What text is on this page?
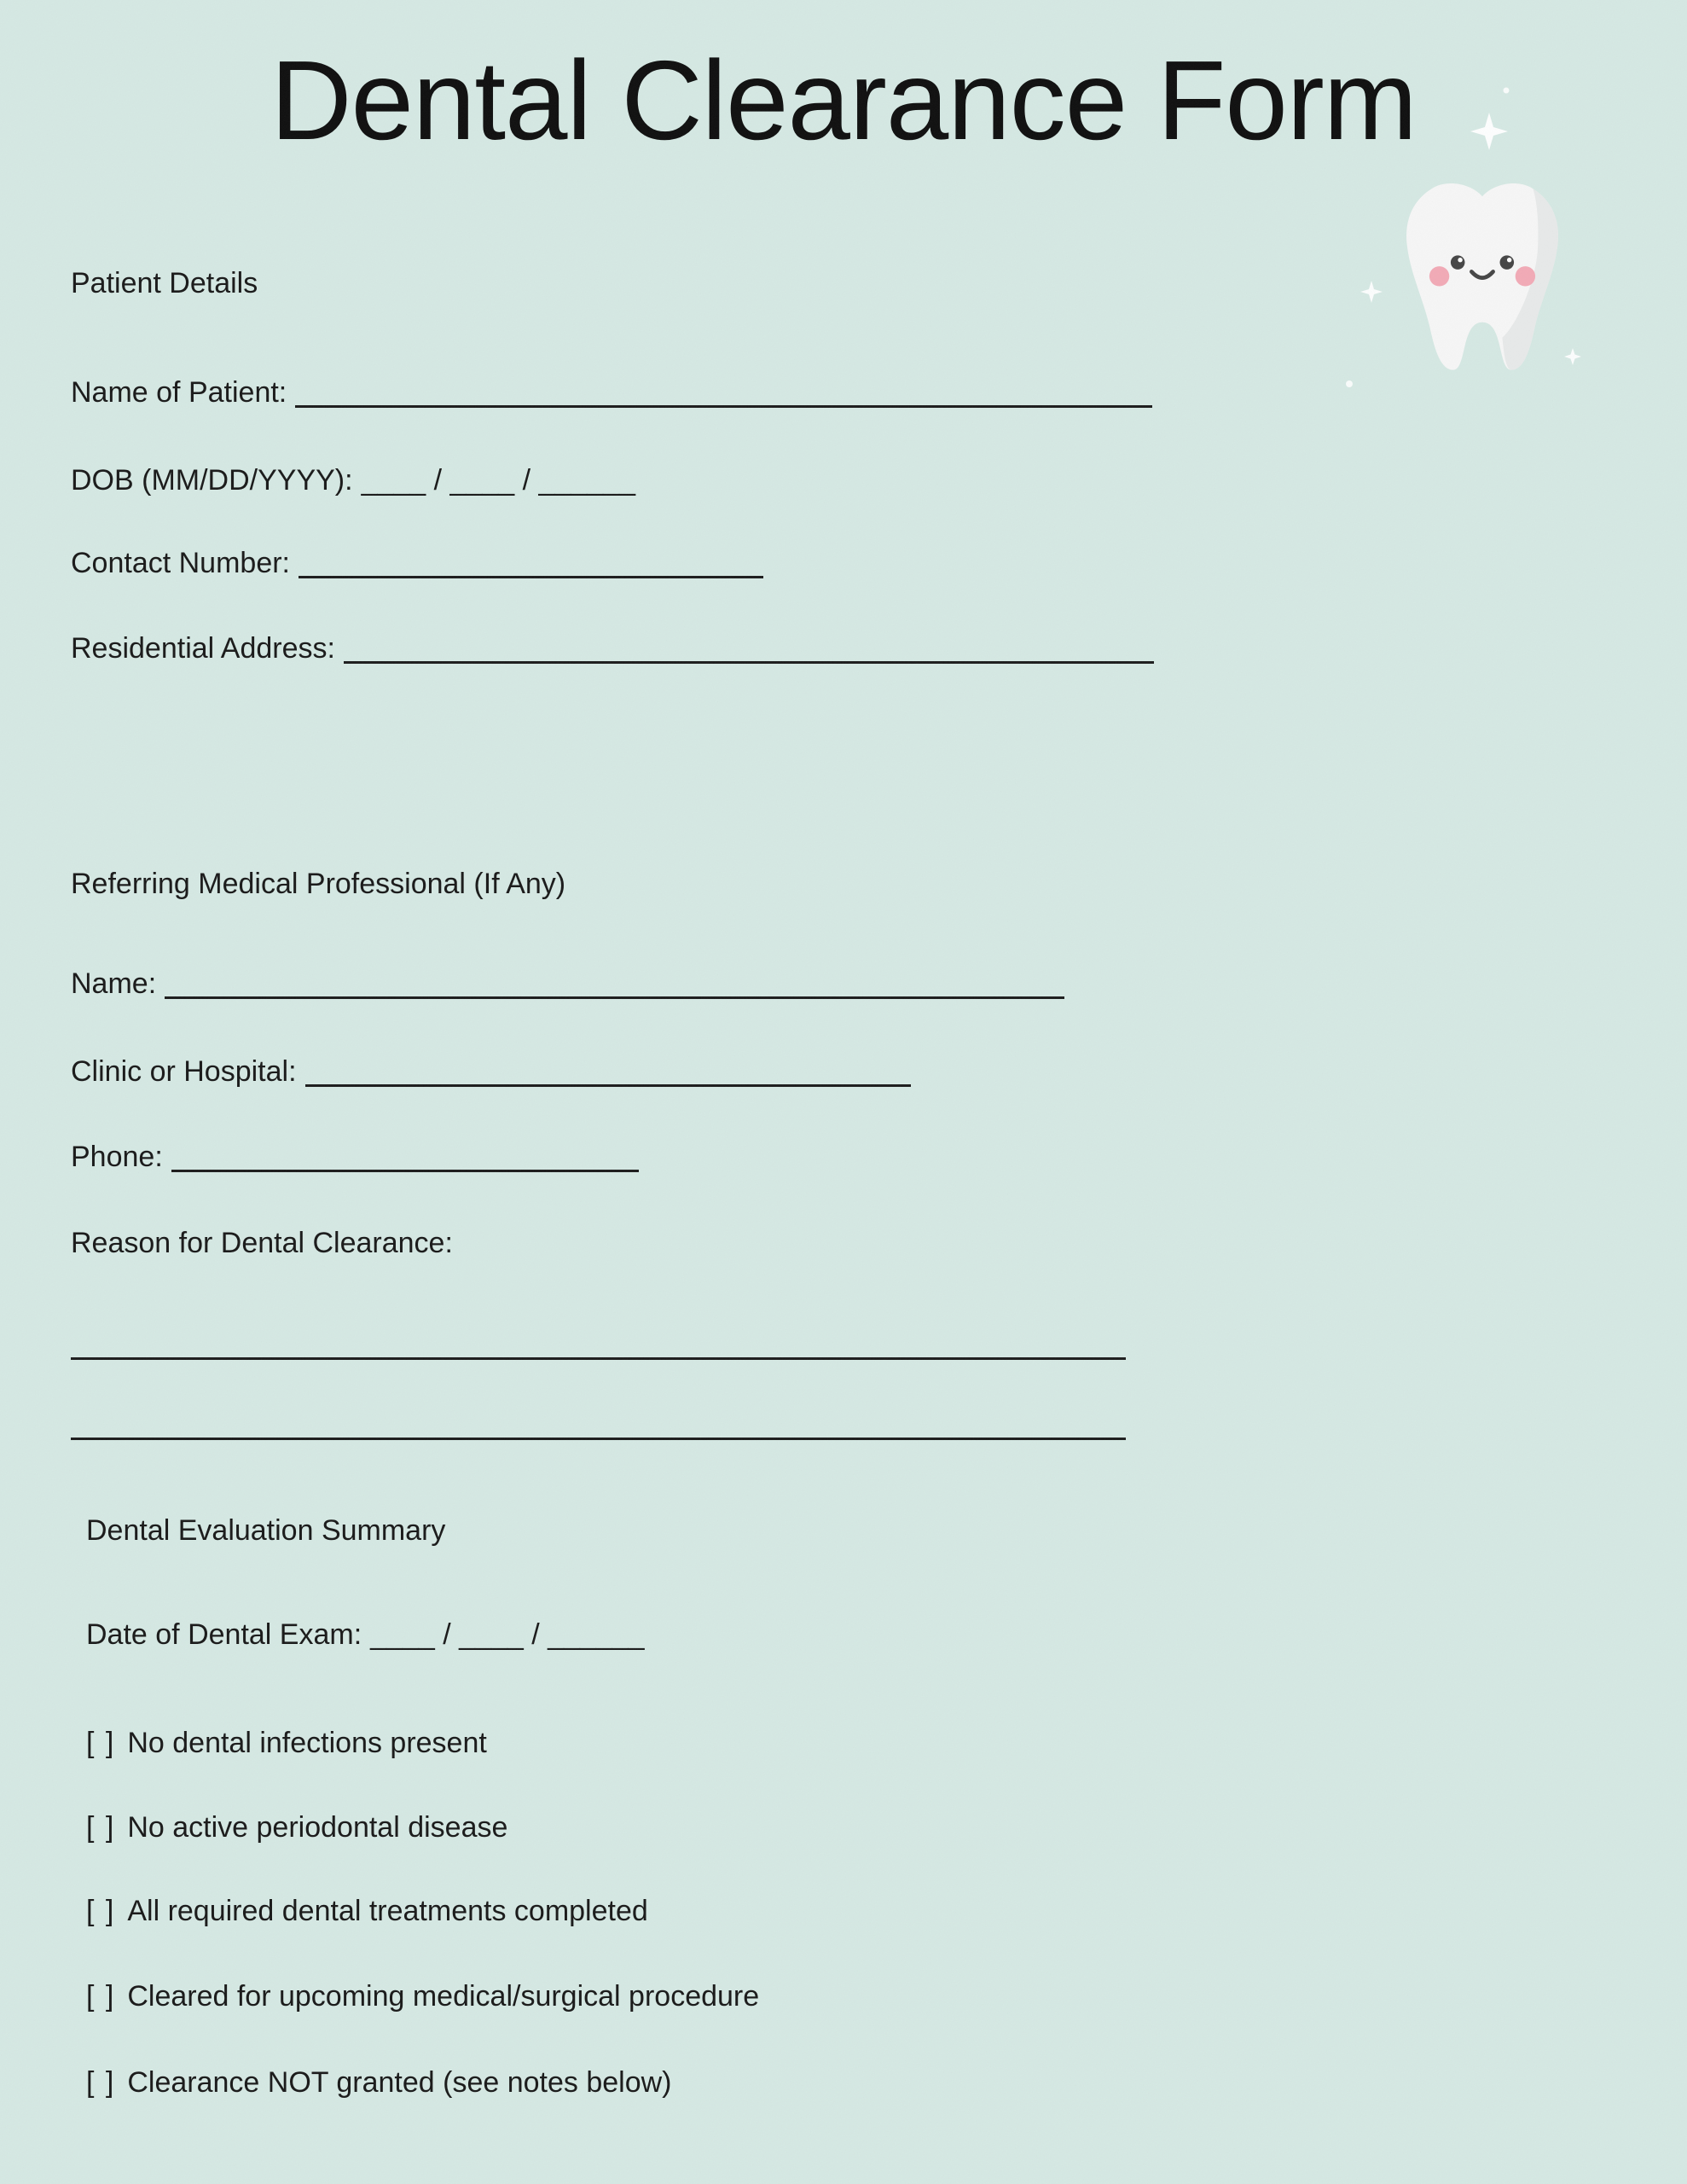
Dental Clearance Form
Patient Details
Name of Patient:
DOB (MM/DD/YYYY): ____ / ____ / ______
Contact Number:
Residential Address:
Referring Medical Professional (If Any)
Name:
Clinic or Hospital:
Phone:
Reason for Dental Clearance:
Dental Evaluation Summary
Date of Dental Exam: ____ / ____ / ______
[ ] No dental infections present
[ ] No active periodontal disease
[ ] All required dental treatments completed
[ ] Cleared for upcoming medical/surgical procedure
[ ] Clearance NOT granted (see notes below)
